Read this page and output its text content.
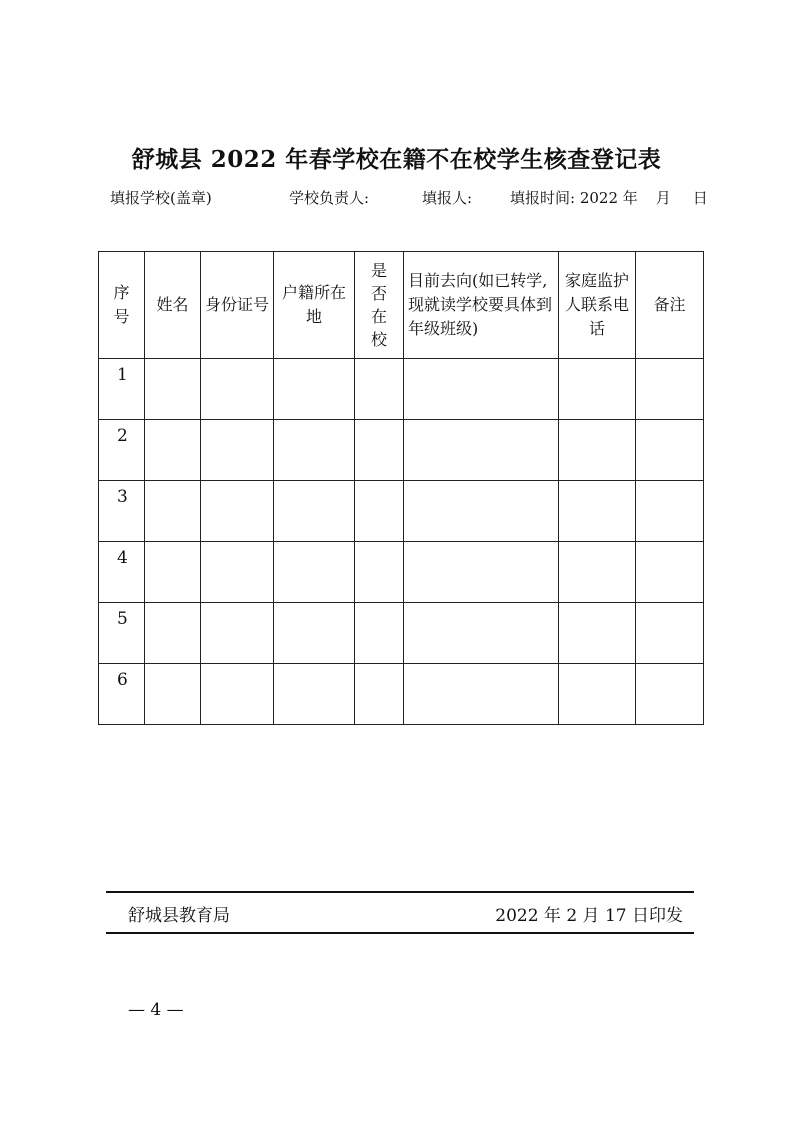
舒城县 2022 年春学校在籍不在校学生核查登记表
填报学校(盖章)	学校负责人:	填报人:	填报时间: 2022 年 月 日
序号	姓名	身份证号	户籍所在地	是否在校	目前去向(如已转学,现就读学校要具体到年级班级)	家庭监护人联系电话	备注
1							
2							
3							
4							
5							
6							
舒城县教育局	2022 年 2 月 17 日印发
— 4 —
